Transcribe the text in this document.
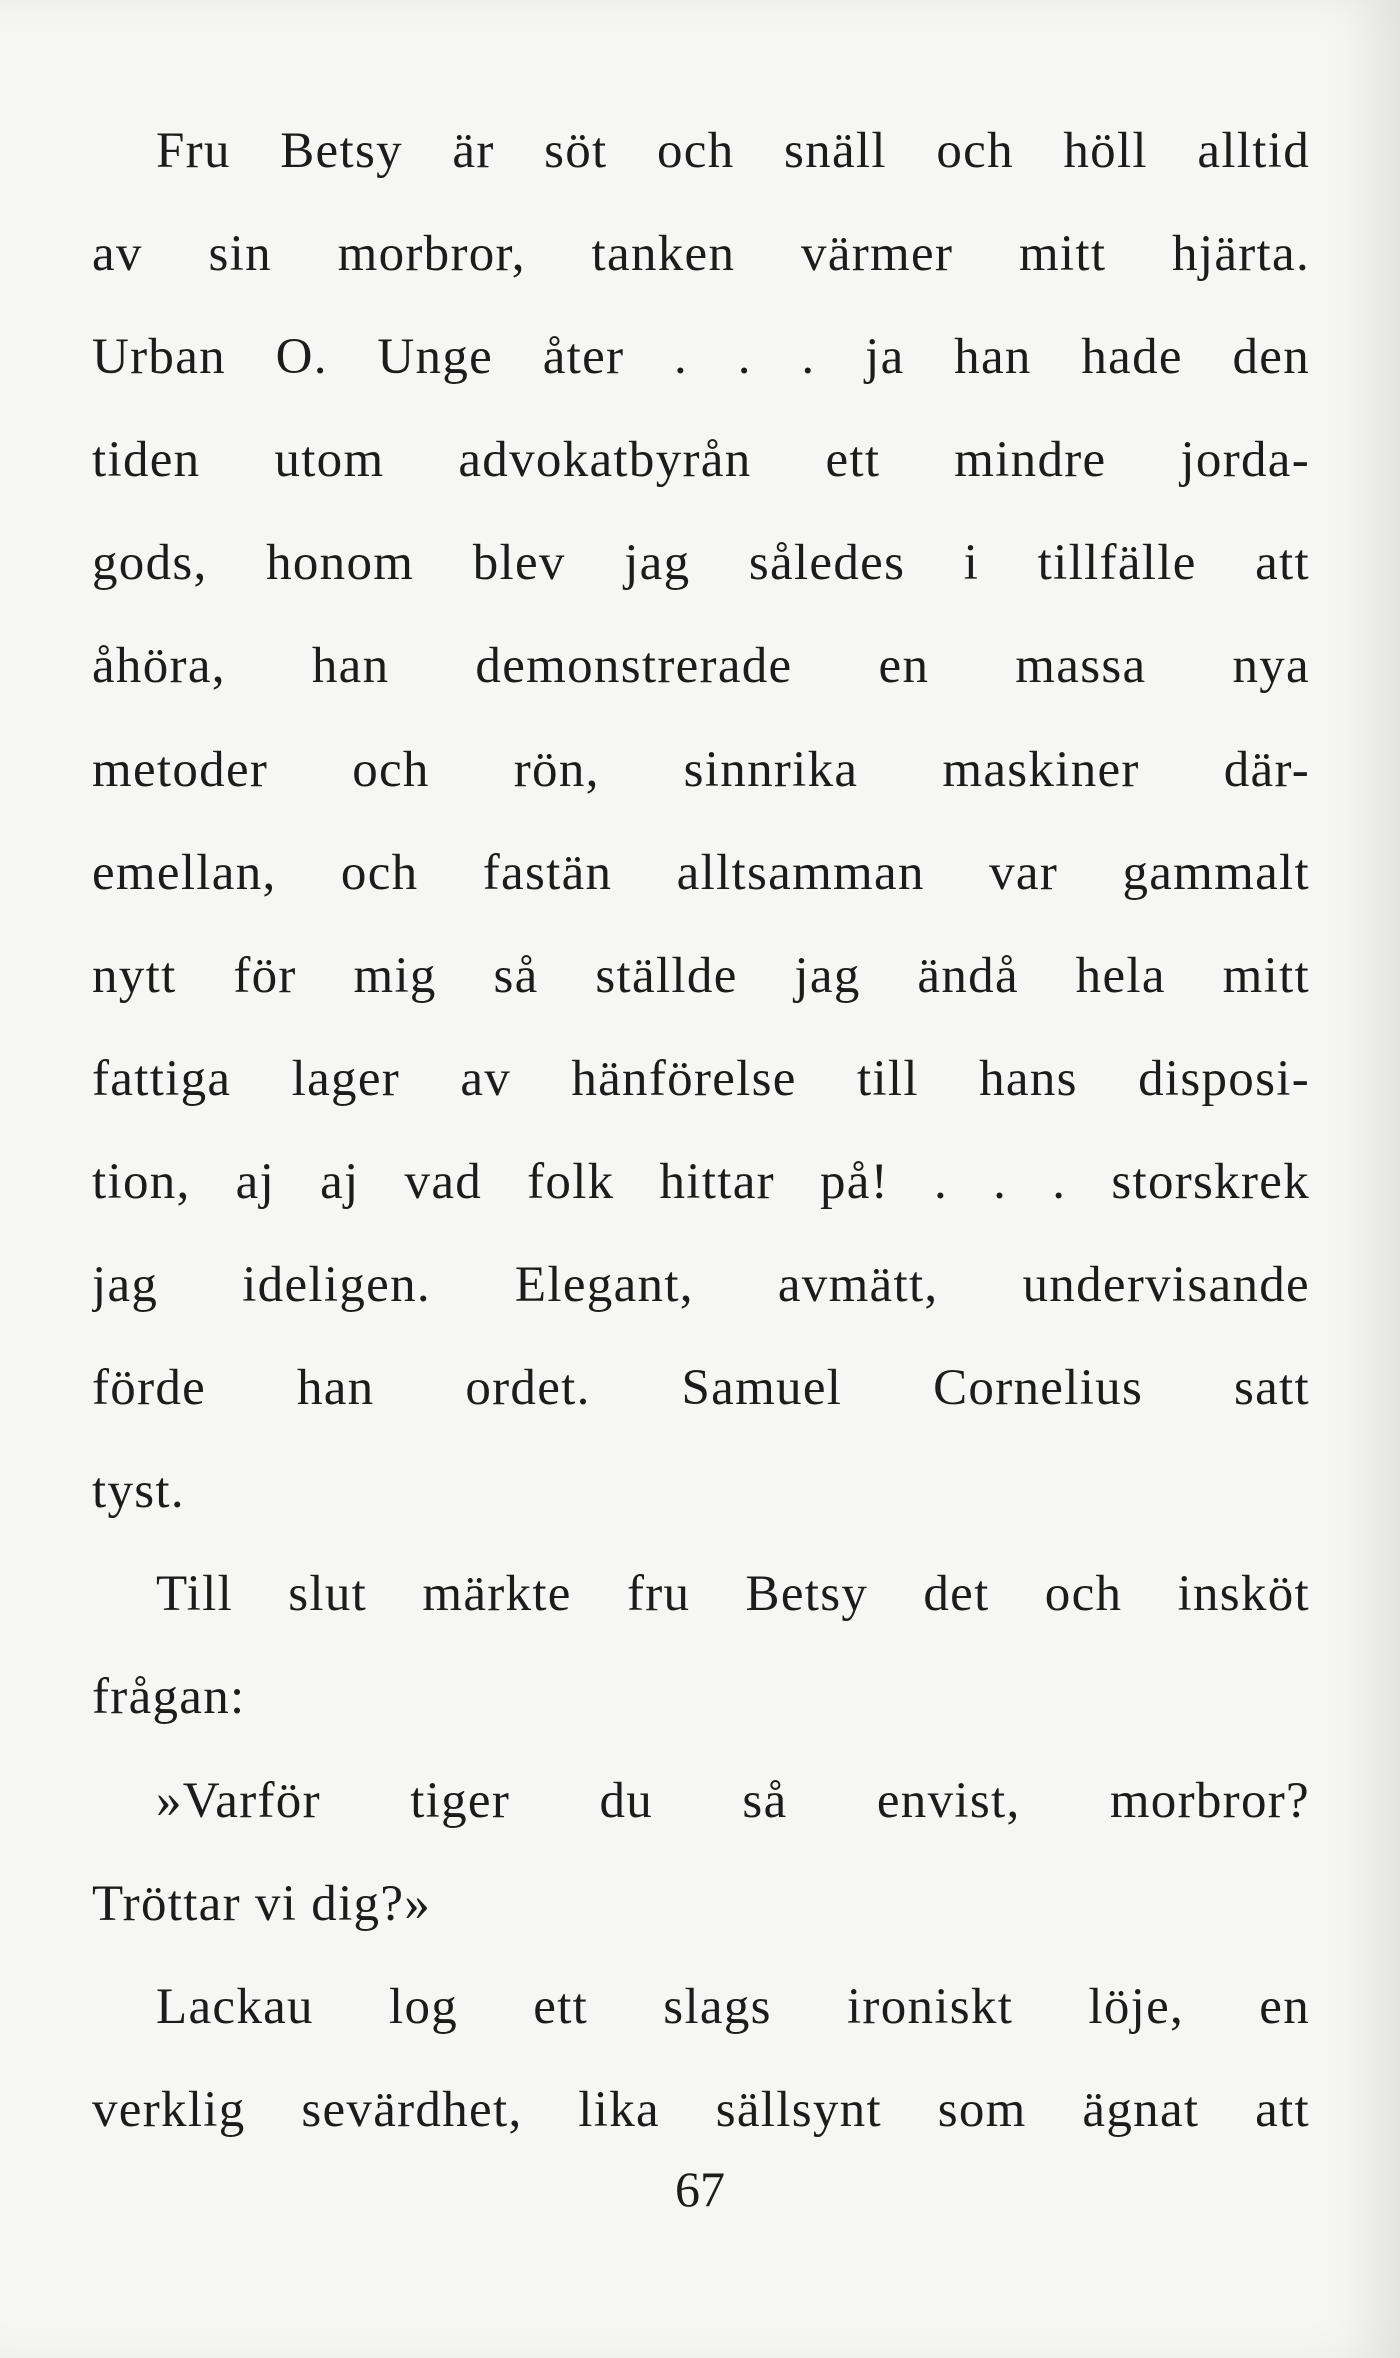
Fru Betsy är söt och snäll och höll alltid
av sin morbror, tanken värmer mitt hjärta.
Urban O. Unge åter . . . ja han hade den
tiden utom advokatbyrån ett mindre jorda-
gods, honom blev jag således i tillfälle att
åhöra, han demonstrerade en massa nya
metoder och rön, sinnrika maskiner där-
emellan, och fastän alltsamman var gammalt
nytt för mig så ställde jag ändå hela mitt
fattiga lager av hänförelse till hans disposi-
tion, aj aj vad folk hittar på! . . . storskrek
jag ideligen. Elegant, avmätt, undervisande
förde han ordet. Samuel Cornelius satt
tyst.
Till slut märkte fru Betsy det och insköt
frågan:
»Varför tiger du så envist, morbror?
Tröttar vi dig?»
Lackau log ett slags ironiskt löje, en
verklig sevärdhet, lika sällsynt som ägnat att
67
